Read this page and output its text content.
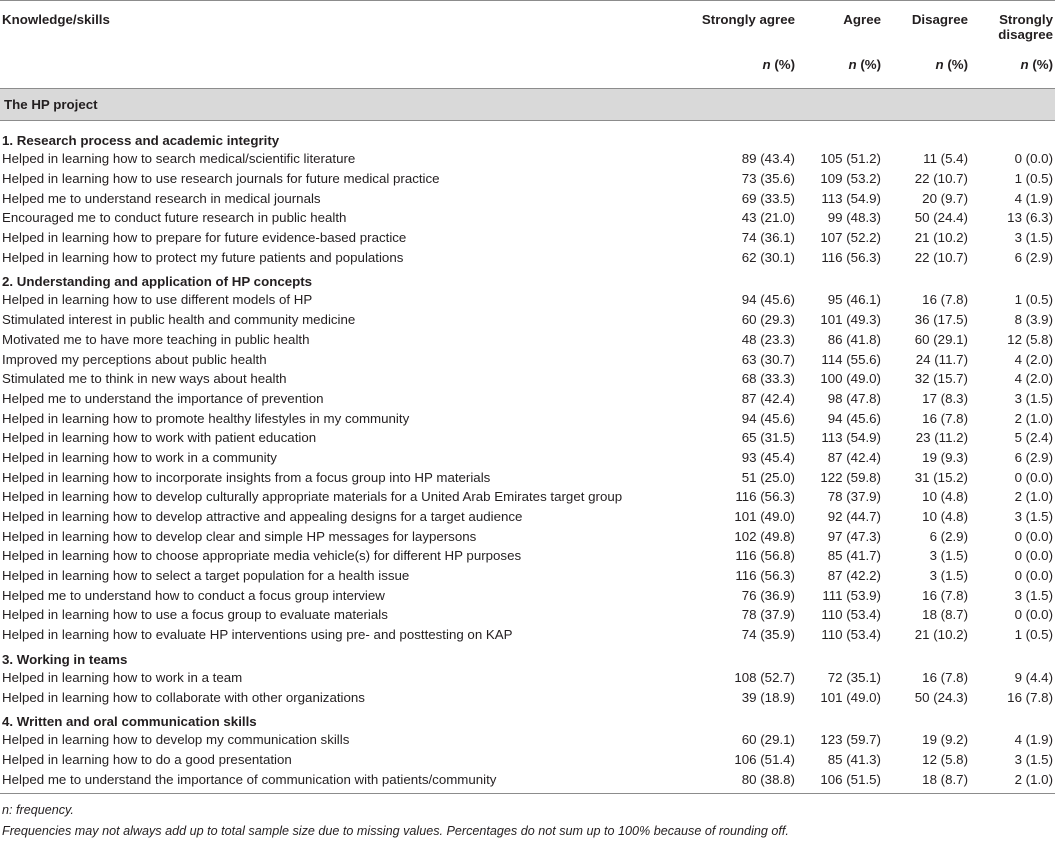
Knowledge/skills	Strongly agree	Agree	Disagree	Strongly disagree
	n (%)	n (%)	n (%)	n (%)
The HP project				
1. Research process and academic integrity				
Helped in learning how to search medical/scientific literature	89 (43.4)	105 (51.2)	11 (5.4)	0 (0.0)
Helped in learning how to use research journals for future medical practice	73 (35.6)	109 (53.2)	22 (10.7)	1 (0.5)
Helped me to understand research in medical journals	69 (33.5)	113 (54.9)	20 (9.7)	4 (1.9)
Encouraged me to conduct future research in public health	43 (21.0)	99 (48.3)	50 (24.4)	13 (6.3)
Helped in learning how to prepare for future evidence-based practice	74 (36.1)	107 (52.2)	21 (10.2)	3 (1.5)
Helped in learning how to protect my future patients and populations	62 (30.1)	116 (56.3)	22 (10.7)	6 (2.9)
2. Understanding and application of HP concepts				
Helped in learning how to use different models of HP	94 (45.6)	95 (46.1)	16 (7.8)	1 (0.5)
Stimulated interest in public health and community medicine	60 (29.3)	101 (49.3)	36 (17.5)	8 (3.9)
Motivated me to have more teaching in public health	48 (23.3)	86 (41.8)	60 (29.1)	12 (5.8)
Improved my perceptions about public health	63 (30.7)	114 (55.6)	24 (11.7)	4 (2.0)
Stimulated me to think in new ways about health	68 (33.3)	100 (49.0)	32 (15.7)	4 (2.0)
Helped me to understand the importance of prevention	87 (42.4)	98 (47.8)	17 (8.3)	3 (1.5)
Helped in learning how to promote healthy lifestyles in my community	94 (45.6)	94 (45.6)	16 (7.8)	2 (1.0)
Helped in learning how to work with patient education	65 (31.5)	113 (54.9)	23 (11.2)	5 (2.4)
Helped in learning how to work in a community	93 (45.4)	87 (42.4)	19 (9.3)	6 (2.9)
Helped in learning how to incorporate insights from a focus group into HP materials	51 (25.0)	122 (59.8)	31 (15.2)	0 (0.0)
Helped in learning how to develop culturally appropriate materials for a United Arab Emirates target group	116 (56.3)	78 (37.9)	10 (4.8)	2 (1.0)
Helped in learning how to develop attractive and appealing designs for a target audience	101 (49.0)	92 (44.7)	10 (4.8)	3 (1.5)
Helped in learning how to develop clear and simple HP messages for laypersons	102 (49.8)	97 (47.3)	6 (2.9)	0 (0.0)
Helped in learning how to choose appropriate media vehicle(s) for different HP purposes	116 (56.8)	85 (41.7)	3 (1.5)	0 (0.0)
Helped in learning how to select a target population for a health issue	116 (56.3)	87 (42.2)	3 (1.5)	0 (0.0)
Helped me to understand how to conduct a focus group interview	76 (36.9)	111 (53.9)	16 (7.8)	3 (1.5)
Helped in learning how to use a focus group to evaluate materials	78 (37.9)	110 (53.4)	18 (8.7)	0 (0.0)
Helped in learning how to evaluate HP interventions using pre- and posttesting on KAP	74 (35.9)	110 (53.4)	21 (10.2)	1 (0.5)
3. Working in teams				
Helped in learning how to work in a team	108 (52.7)	72 (35.1)	16 (7.8)	9 (4.4)
Helped in learning how to collaborate with other organizations	39 (18.9)	101 (49.0)	50 (24.3)	16 (7.8)
4. Written and oral communication skills				
Helped in learning how to develop my communication skills	60 (29.1)	123 (59.7)	19 (9.2)	4 (1.9)
Helped in learning how to do a good presentation	106 (51.4)	85 (41.3)	12 (5.8)	3 (1.5)
Helped me to understand the importance of communication with patients/community	80 (38.8)	106 (51.5)	18 (8.7)	2 (1.0)
n: frequency.
Frequencies may not always add up to total sample size due to missing values. Percentages do not sum up to 100% because of rounding off.
